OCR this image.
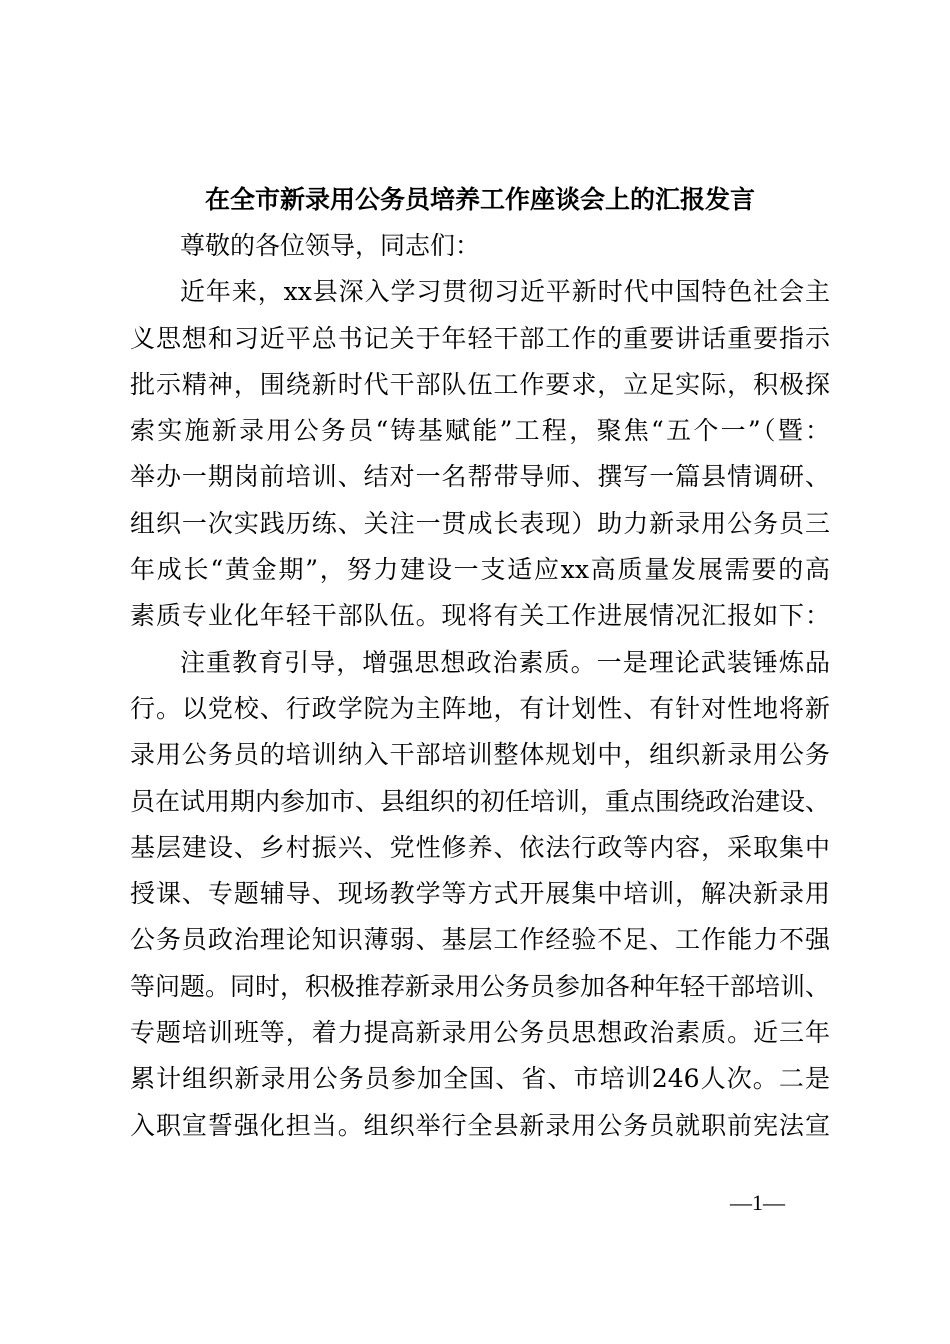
在全市新录用公务员培养工作座谈会上的汇报发言
尊敬的各位领导，同志们：
近年来，xx县深入学习贯彻习近平新时代中国特色社会主
义思想和习近平总书记关于年轻干部工作的重要讲话重要指示
批示精神，围绕新时代干部队伍工作要求，立足实际，积极探
索实施新录用公务员“铸基赋能”工程，聚焦“五个一”（暨：
举办一期岗前培训、结对一名帮带导师、撰写一篇县情调研、
组织一次实践历练、关注一贯成长表现）助力新录用公务员三
年成长“黄金期”，努力建设一支适应xx高质量发展需要的高
素质专业化年轻干部队伍。现将有关工作进展情况汇报如下：
注重教育引导，增强思想政治素质。一是理论武装锤炼品
行。以党校、行政学院为主阵地，有计划性、有针对性地将新
录用公务员的培训纳入干部培训整体规划中，组织新录用公务
员在试用期内参加市、县组织的初任培训，重点围绕政治建设、
基层建设、乡村振兴、党性修养、依法行政等内容，采取集中
授课、专题辅导、现场教学等方式开展集中培训，解决新录用
公务员政治理论知识薄弱、基层工作经验不足、工作能力不强
等问题。同时，积极推荐新录用公务员参加各种年轻干部培训、
专题培训班等，着力提高新录用公务员思想政治素质。近三年
累计组织新录用公务员参加全国、省、市培训246人次。二是
入职宣誓强化担当。组织举行全县新录用公务员就职前宪法宣
—1—
